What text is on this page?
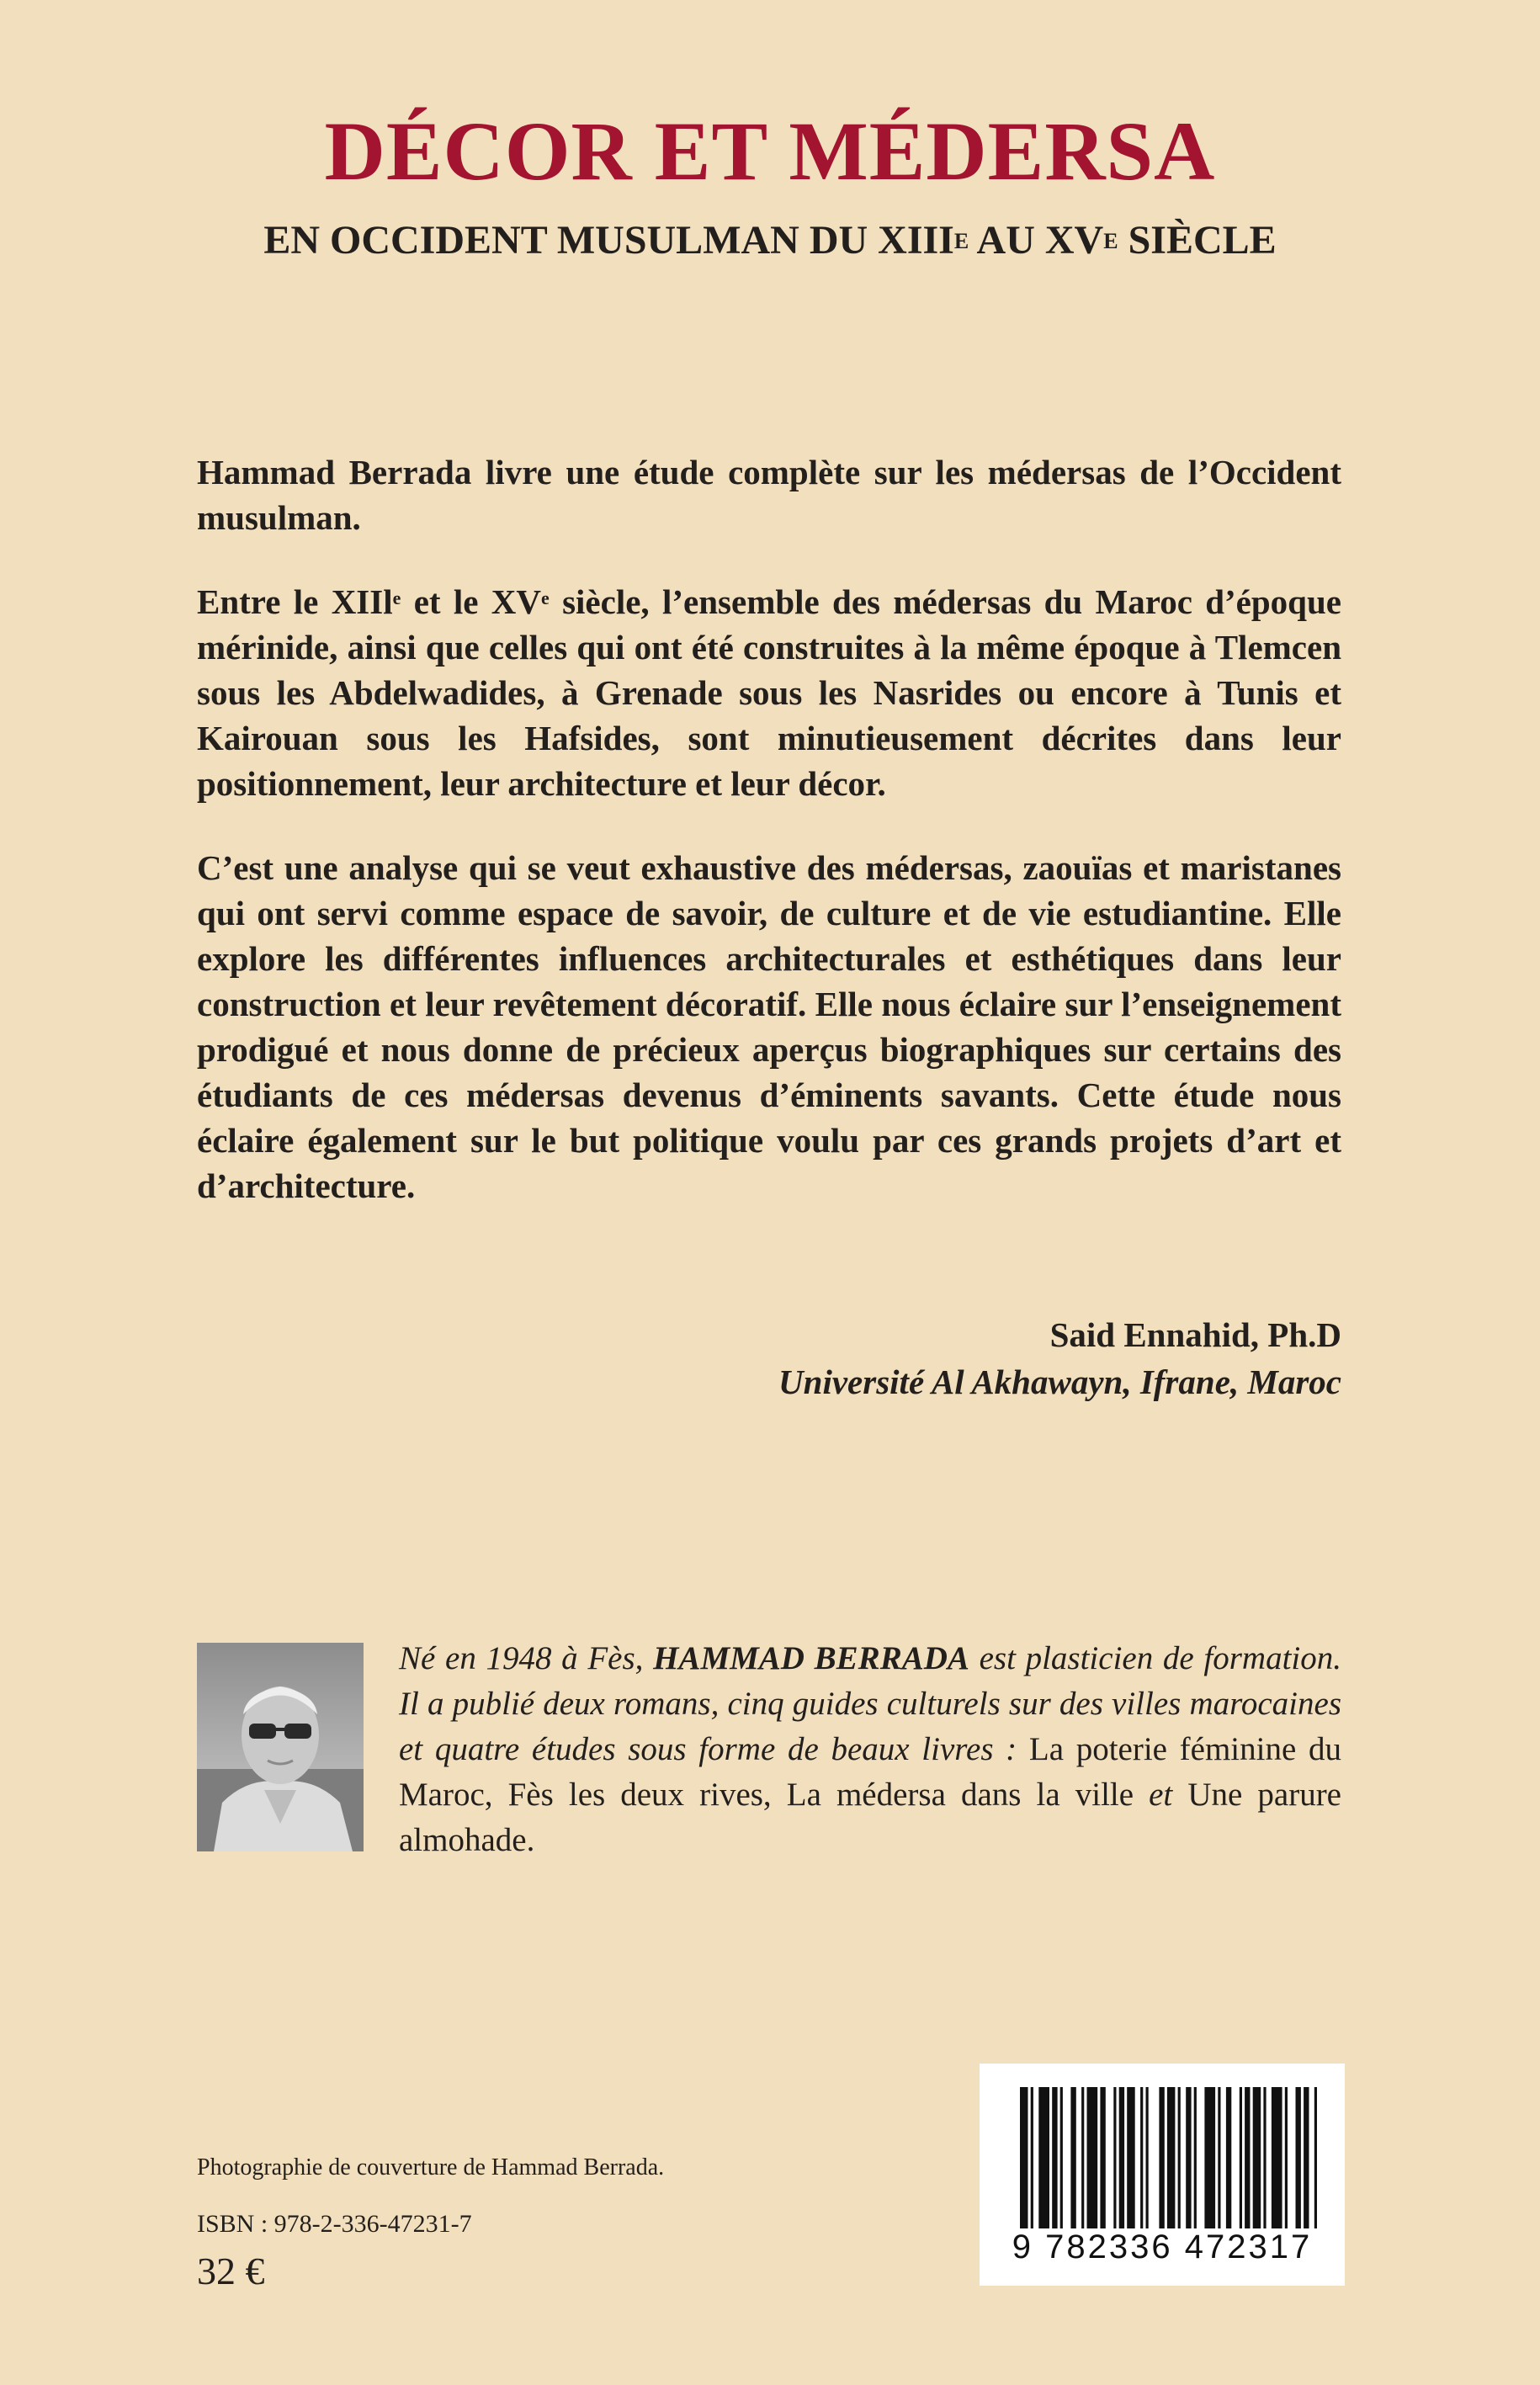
DÉCOR ET MÉDERSA
EN OCCIDENT MUSULMAN DU $XIII^E$ AU $XV^E$ SIÈCLE

Hammad Berrada livre une étude complète sur les médersas de l’Occident musulman.

Entre le XIIl$^e$ et le XVe siècle, l’ensemble des médersas du Maroc d’époque mérinide, ainsi que celles qui ont été construites à la même époque à Tlemcen sous les Abdelwadides, à Grenade sous les Nasrides ou encore à Tunis et Kairouan sous les Hafsides, sont minutieusement décrites dans leur positionnement, leur architecture et leur décor.

C’est une analyse qui se veut exhaustive des médersas, zaouïas et maristanes qui ont servi comme espace de savoir, de culture et de vie estudiantine. Elle explore les différentes influences architecturales et esthétiques dans leur construction et leur revêtement décoratif. Elle nous éclaire sur l’enseignement prodigué et nous donne de précieux aperçus biographiques sur certains des étudiants de ces médersas devenus d’éminents savants. Cette étude nous éclaire également sur le but politique voulu par ces grands projets d’art et d’architecture.

Said Ennahid, Ph.D
Université Al Akhawayn, Ifrane, Maroc

Né en 1948 à Fès, HAMMAD BERRADA est plasticien de formation. Il a publié deux romans, cinq guides culturels sur des villes marocaines et quatre études sous forme de beaux livres : La poterie féminine du Maroc, Fès les deux rives, La médersa dans la ville et Une parure almohade.

Photographie de couverture de Hammad Berrada.

ISBN : 978-2-336-47231-7

32 €

9 782336 472317
